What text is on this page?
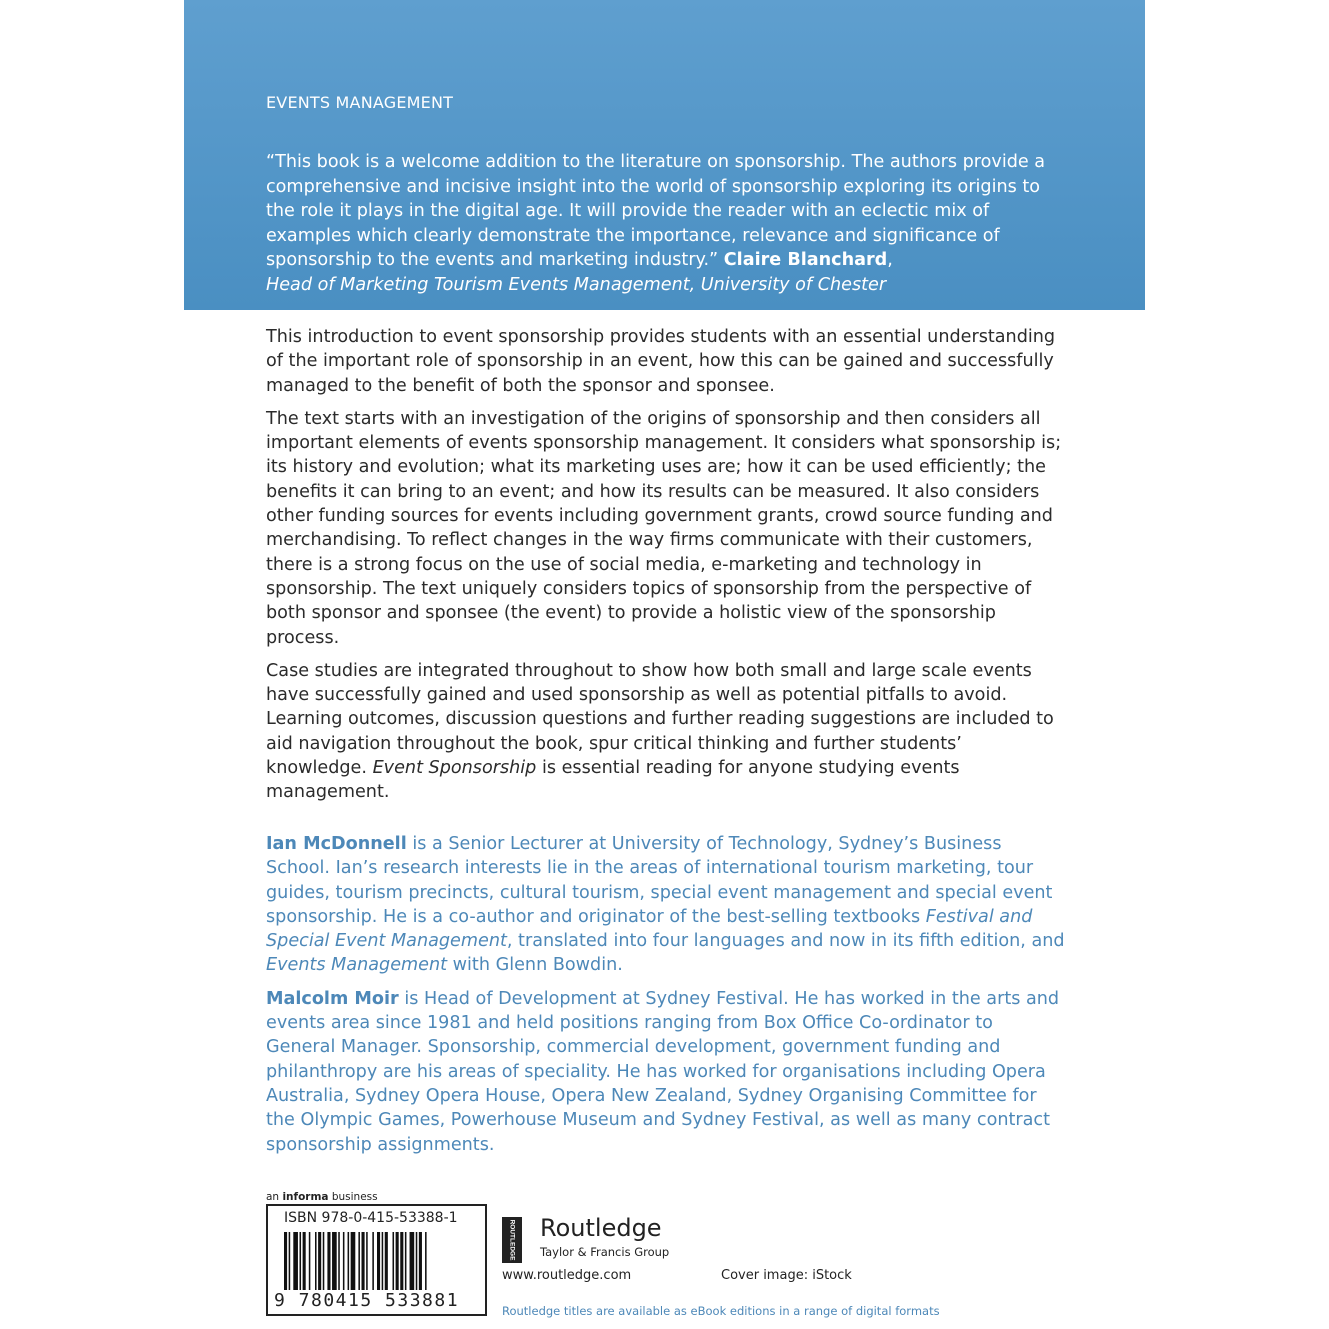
EVENTS MANAGEMENT

“This book is a welcome addition to the literature on sponsorship. The authors provide a comprehensive and incisive insight into the world of sponsorship exploring its origins to the role it plays in the digital age. It will provide the reader with an eclectic mix of examples which clearly demonstrate the importance, relevance and significance of sponsorship to the events and marketing industry.” Claire Blanchard,
Head of Marketing Tourism Events Management, University of Chester

This introduction to event sponsorship provides students with an essential understanding of the important role of sponsorship in an event, how this can be gained and successfully managed to the benefit of both the sponsor and sponsee.

The text starts with an investigation of the origins of sponsorship and then considers all important elements of events sponsorship management. It considers what sponsorship is; its history and evolution; what its marketing uses are; how it can be used efficiently; the benefits it can bring to an event; and how its results can be measured. It also considers other funding sources for events including government grants, crowd source funding and merchandising. To reflect changes in the way firms communicate with their customers, there is a strong focus on the use of social media, e-marketing and technology in sponsorship. The text uniquely considers topics of sponsorship from the perspective of both sponsor and sponsee (the event) to provide a holistic view of the sponsorship process.

Case studies are integrated throughout to show how both small and large scale events have successfully gained and used sponsorship as well as potential pitfalls to avoid. Learning outcomes, discussion questions and further reading suggestions are included to aid navigation throughout the book, spur critical thinking and further students’ knowledge. Event Sponsorship is essential reading for anyone studying events management.

Ian McDonnell is a Senior Lecturer at University of Technology, Sydney’s Business School. Ian’s research interests lie in the areas of international tourism marketing, tour guides, tourism precincts, cultural tourism, special event management and special event sponsorship. He is a co-author and originator of the best-selling textbooks Festival and Special Event Management, translated into four languages and now in its fifth edition, and Events Management with Glenn Bowdin.

Malcolm Moir is Head of Development at Sydney Festival. He has worked in the arts and events area since 1981 and held positions ranging from Box Office Co-ordinator to General Manager. Sponsorship, commercial development, government funding and philanthropy are his areas of speciality. He has worked for organisations including Opera Australia, Sydney Opera House, Opera New Zealand, Sydney Organising Committee for the Olympic Games, Powerhouse Museum and Sydney Festival, as well as many contract sponsorship assignments.

an informa business
ISBN 978-0-415-53388-1
9 780415 533881
ROUTLEDGE Routledge
Taylor & Francis Group
www.routledge.com	Cover image: iStock
Routledge titles are available as eBook editions in a range of digital formats
